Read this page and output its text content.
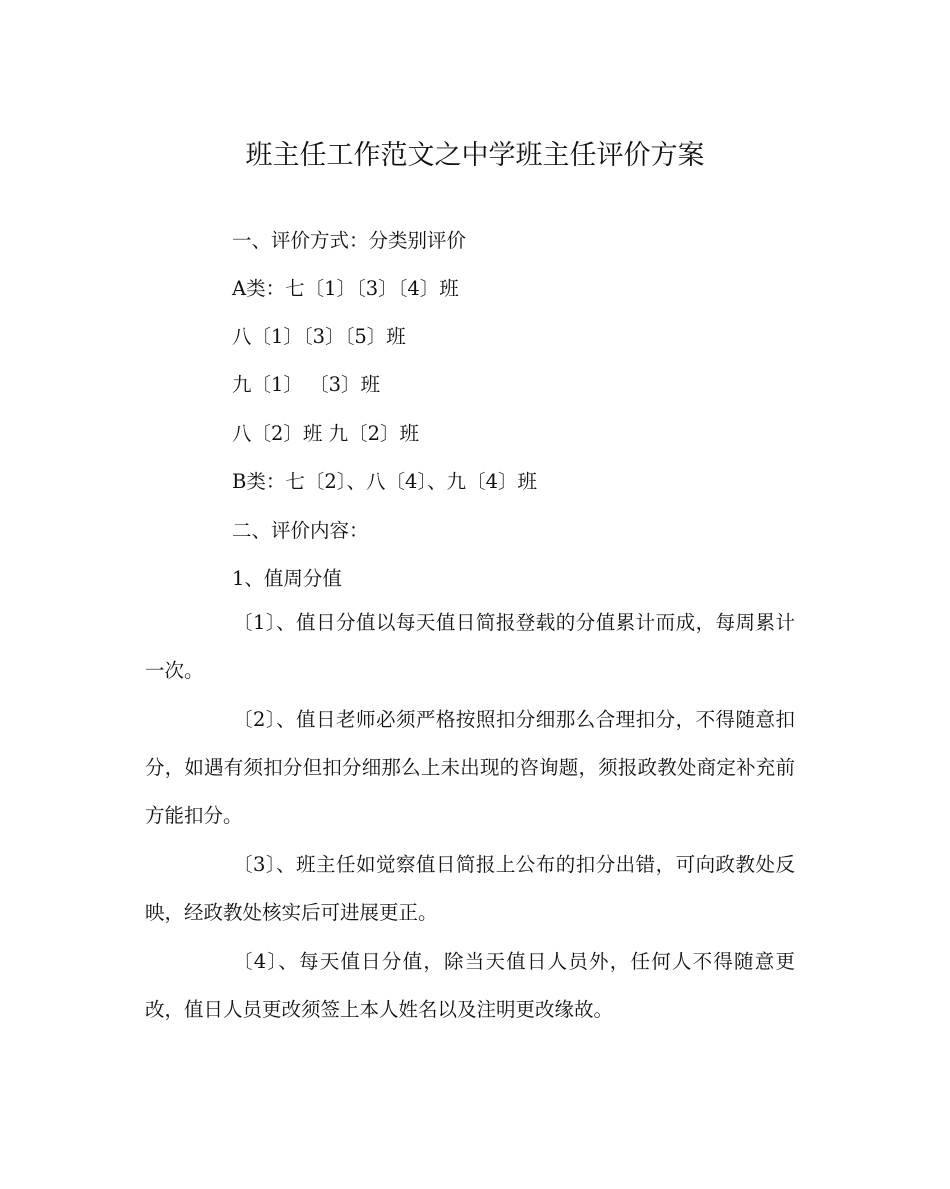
班主任工作范文之中学班主任评价方案

一、评价方式：分类别评价

A类：七〔1〕〔3〕〔4〕班

八〔1〕〔3〕〔5〕班

九〔1〕 〔3〕班

八〔2〕班 九〔2〕班

B类：七〔2〕、八〔4〕、九〔4〕班

二、评价内容：

1、值周分值

〔1〕、值日分值以每天值日简报登载的分值累计而成，每周累计一次。

〔2〕、值日老师必须严格按照扣分细那么合理扣分，不得随意扣分，如遇有须扣分但扣分细那么上未出现的咨询题，须报政教处商定补充前方能扣分。

〔3〕、班主任如觉察值日简报上公布的扣分出错，可向政教处反映，经政教处核实后可进展更正。

〔4〕、每天值日分值，除当天值日人员外，任何人不得随意更改，值日人员更改须签上本人姓名以及注明更改缘故。
